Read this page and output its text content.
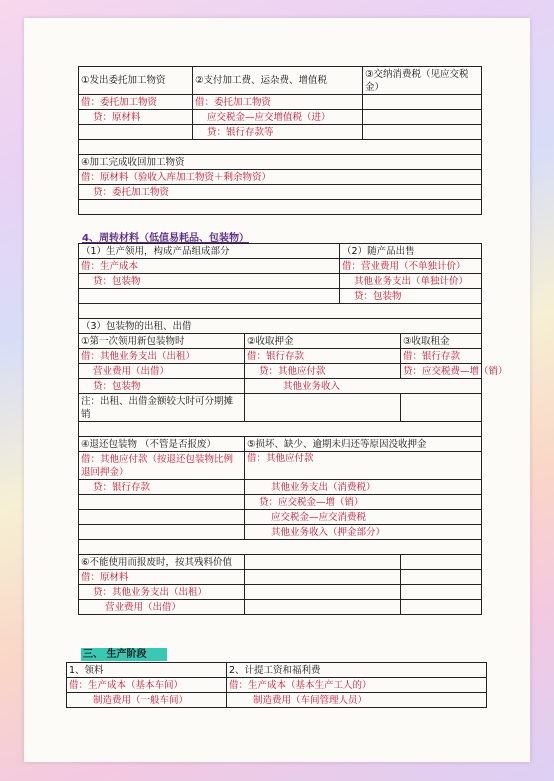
①发出委托加工物资	②支付加工费、运杂费、增值税	③交纳消费税（见应交税金）
借：委托加工物资	借：委托加工物资	
贷：原材料	应交税金—应交增值税（进）	
	贷：银行存款等	

④加工完成收回加工物资		
借：原材料（验收入库加工物资＋剩余物资）		
贷：委托加工物资		

4、周转材料（低值易耗品、包装物）
（1）生产领用，构成产品组成部分		（2）随产品出售	
借：生产成本		借：营业费用（不单独计价）	
贷：包装物		其他业务支出（单独计价）	
		贷：包装物	

（3）包装物的出租、出借			
①第一次领用新包装物时	②收取押金		③收取租金
借：其他业务支出（出租）	借：银行存款		借：银行存款
营业费用（出借）	贷：其他应付款		贷：应交税费—增（销）
贷：包装物	其他业务收入		
注：出租、出借金额较大时可分期摊销			

④退还包装物 （不管是否报废）	⑤损坏、缺少、逾期未归还等原因没收押金		
借：其他应付款（按退还包装物比例退回押金）	借：其他应付款		
贷：银行存款	其他业务支出（消费税）		
	贷：应交税金—增（销）		
	应交税金—应交消费税		
	其他业务收入（押金部分）		

⑥不能使用而报废时，按其残料价值			
借：原材料			
贷：其他业务支出（出租）			
营业费用（出借）			
三、 生产阶段
1、领料	2、计提工资和福利费
借：生产成本（基本车间）	借：生产成本（基本生产工人的）
制造费用（一般车间）	制造费用（车间管理人员）
